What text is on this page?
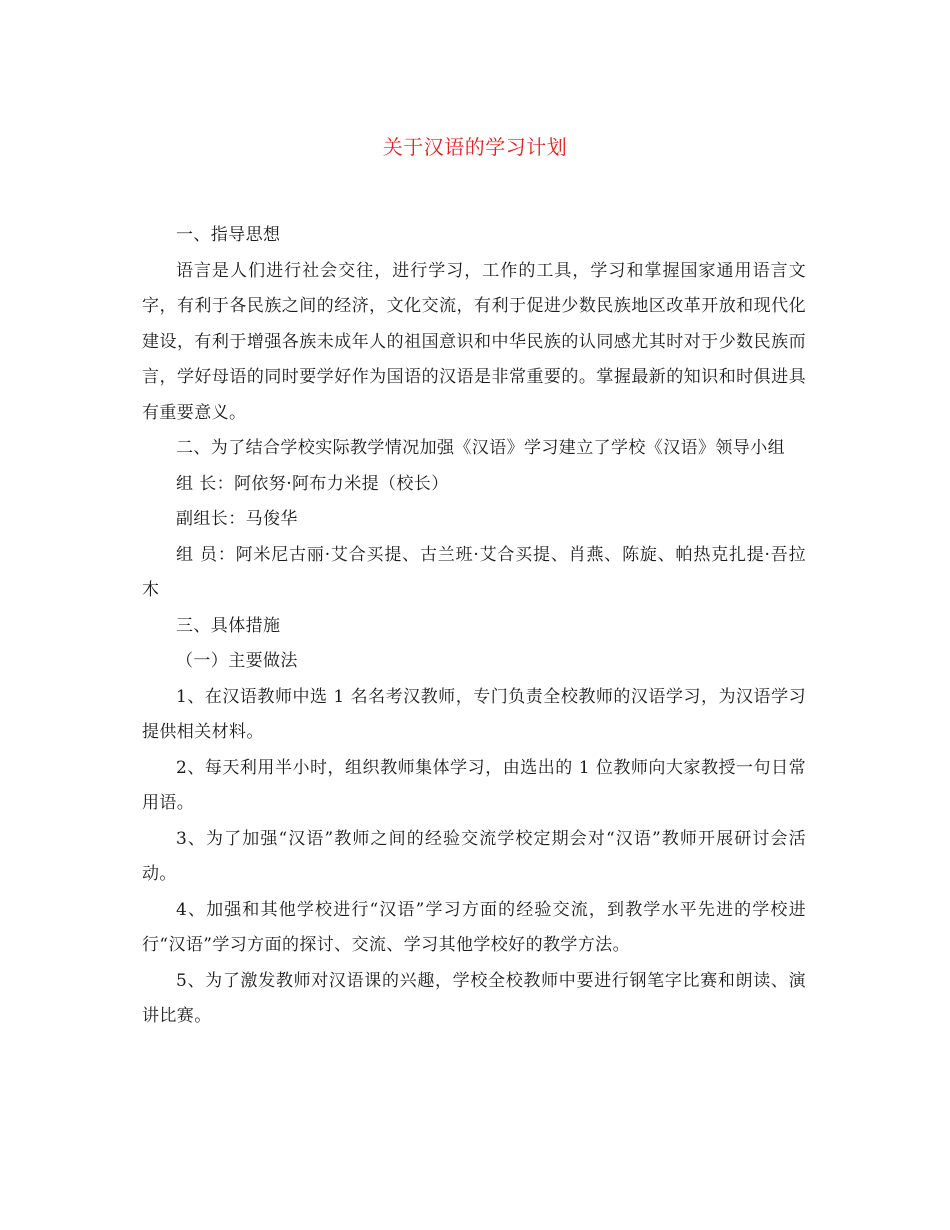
关于汉语的学习计划

一、指导思想

语言是人们进行社会交往，进行学习，工作的工具，学习和掌握国家通用语言文字，有利于各民族之间的经济，文化交流，有利于促进少数民族地区改革开放和现代化建设，有利于增强各族未成年人的祖国意识和中华民族的认同感尤其时对于少数民族而言，学好母语的同时要学好作为国语的汉语是非常重要的。掌握最新的知识和时俱进具有重要意义。

二、为了结合学校实际教学情况加强《汉语》学习建立了学校《汉语》领导小组

组 长：阿依努·阿布力米提（校长）

副组长：马俊华

组 员：阿米尼古丽·艾合买提、古兰班·艾合买提、肖燕、陈旋、帕热克扎提·吾拉木

三、具体措施

（一）主要做法

1、在汉语教师中选 1 名名考汉教师，专门负责全校教师的汉语学习，为汉语学习提供相关材料。

2、每天利用半小时，组织教师集体学习，由选出的 1 位教师向大家教授一句日常用语。

3、为了加强“汉语”教师之间的经验交流学校定期会对“汉语”教师开展研讨会活动。

4、加强和其他学校进行“汉语”学习方面的经验交流，到教学水平先进的学校进行“汉语”学习方面的探讨、交流、学习其他学校好的教学方法。

5、为了激发教师对汉语课的兴趣，学校全校教师中要进行钢笔字比赛和朗读、演讲比赛。
